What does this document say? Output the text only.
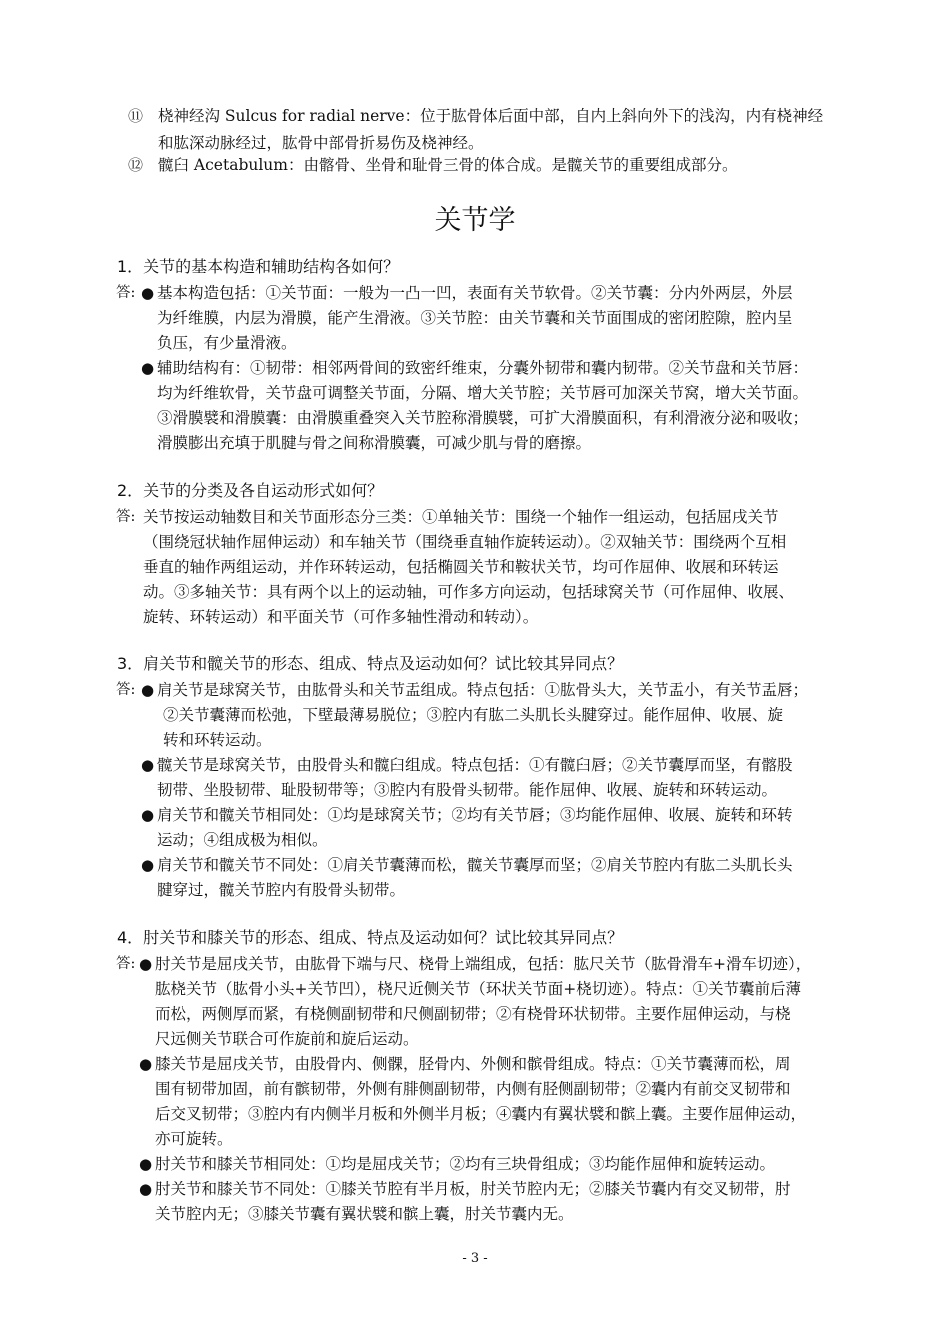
⑪ 桡神经沟 Sulcus for radial nerve：位于肱骨体后面中部，自内上斜向外下的浅沟，内有桡神经
和肱深动脉经过，肱骨中部骨折易伤及桡神经。
⑫ 髋臼 Acetabulum：由髂骨、坐骨和耻骨三骨的体合成。是髋关节的重要组成部分。
关节学
1．关节的基本构造和辅助结构各如何？
答: ● 基本构造包括：①关节面：一般为一凸一凹，表面有关节软骨。②关节囊：分内外两层，外层
为纤维膜，内层为滑膜，能产生滑液。③关节腔：由关节囊和关节面围成的密闭腔隙，腔内呈
负压，有少量滑液。
● 辅助结构有：①韧带：相邻两骨间的致密纤维束，分囊外韧带和囊内韧带。②关节盘和关节唇：
均为纤维软骨，关节盘可调整关节面，分隔、增大关节腔；关节唇可加深关节窝，增大关节面。
③滑膜襞和滑膜囊：由滑膜重叠突入关节腔称滑膜襞，可扩大滑膜面积，有利滑液分泌和吸收；
滑膜膨出充填于肌腱与骨之间称滑膜囊，可减少肌与骨的磨擦。
2．关节的分类及各自运动形式如何？
答: 关节按运动轴数目和关节面形态分三类：①单轴关节：围绕一个轴作一组运动，包括屈戌关节
（围绕冠状轴作屈伸运动）和车轴关节（围绕垂直轴作旋转运动）。②双轴关节：围绕两个互相
垂直的轴作两组运动，并作环转运动，包括椭圆关节和鞍状关节，均可作屈伸、收展和环转运
动。③多轴关节：具有两个以上的运动轴，可作多方向运动，包括球窝关节（可作屈伸、收展、
旋转、环转运动）和平面关节（可作多轴性滑动和转动）。
3．肩关节和髋关节的形态、组成、特点及运动如何？试比较其异同点？
答: ● 肩关节是球窝关节，由肱骨头和关节盂组成。特点包括：①肱骨头大，关节盂小，有关节盂唇；
②关节囊薄而松弛，下壁最薄易脱位；③腔内有肱二头肌长头腱穿过。能作屈伸、收展、旋
转和环转运动。
● 髋关节是球窝关节，由股骨头和髋臼组成。特点包括：①有髋臼唇；②关节囊厚而坚，有髂股
韧带、坐股韧带、耻股韧带等；③腔内有股骨头韧带。能作屈伸、收展、旋转和环转运动。
● 肩关节和髋关节相同处：①均是球窝关节；②均有关节唇；③均能作屈伸、收展、旋转和环转
运动；④组成极为相似。
● 肩关节和髋关节不同处：①肩关节囊薄而松，髋关节囊厚而坚；②肩关节腔内有肱二头肌长头
腱穿过，髋关节腔内有股骨头韧带。
4．肘关节和膝关节的形态、组成、特点及运动如何？试比较其异同点？
答: ● 肘关节是屈戌关节，由肱骨下端与尺、桡骨上端组成，包括：肱尺关节（肱骨滑车+滑车切迹），
肱桡关节（肱骨小头+关节凹），桡尺近侧关节（环状关节面+桡切迹）。特点：①关节囊前后薄
而松，两侧厚而紧，有桡侧副韧带和尺侧副韧带；②有桡骨环状韧带。主要作屈伸运动，与桡
尺远侧关节联合可作旋前和旋后运动。
● 膝关节是屈戌关节，由股骨内、侧髁，胫骨内、外侧和髌骨组成。特点：①关节囊薄而松，周
围有韧带加固，前有髌韧带，外侧有腓侧副韧带，内侧有胫侧副韧带；②囊内有前交叉韧带和
后交叉韧带；③腔内有内侧半月板和外侧半月板；④囊内有翼状襞和髌上囊。主要作屈伸运动，
亦可旋转。
● 肘关节和膝关节相同处：①均是屈戌关节；②均有三块骨组成；③均能作屈伸和旋转运动。
● 肘关节和膝关节不同处：①膝关节腔有半月板，肘关节腔内无；②膝关节囊内有交叉韧带，肘
关节腔内无；③膝关节囊有翼状襞和髌上囊，肘关节囊内无。
- 3 -
